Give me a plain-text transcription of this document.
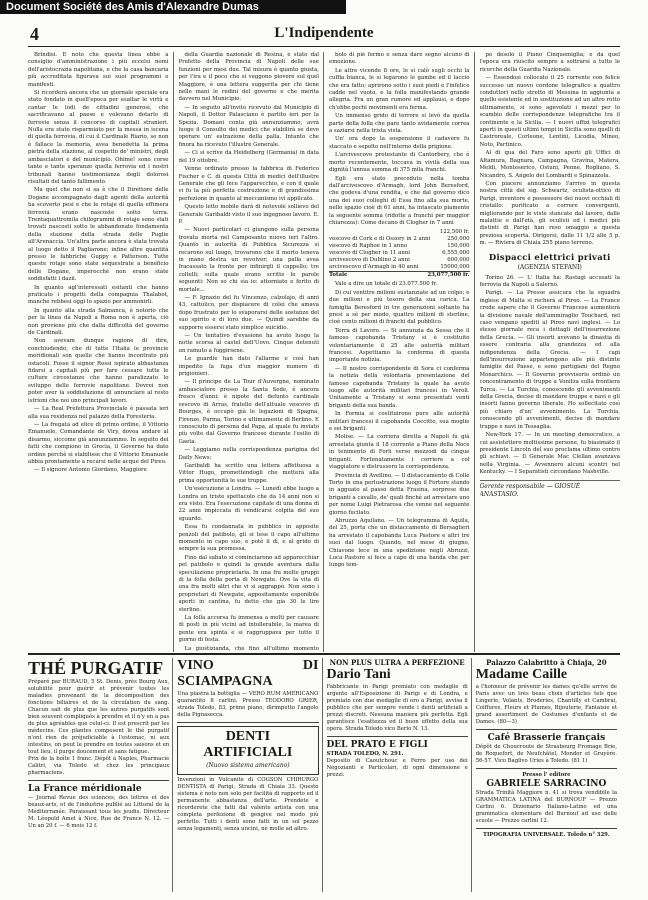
Document Société des Amis d'Alexandre Dumas
4	L'Indipendente

Brindisi. E noto che questa linea ebbe a consiglio d'amministrazione i più eccelsi nomi dell'aristocrazia napolitana, e che la casa bancaria più accreditata figurava sui suoi programmi e manifesti.

Si ricorderà ancora che un giornale speciale era stato fondato in quell'epoca per esaltar le virtù e cantar le lodi de cittadini generosi, che sacrificavano al paese e volevano dotarlo di ferrovie senza il concorso di capitali stranieri. Nulla era stato risparmiato per la messa in iscena di quella ferrovia, di cui il Cardinale Riario, se non è fallace la memoria, avea benedetta la prima pietra della stazione, al cospetto de' ministri, degli ambasciatori e del municipio. Ohimè! sono corse tante e tante speranze quella ferrovia ed i nostri tribunali hanno testimonianza degli dolorosi risultati del tanto fallimento.

Ma quel che non si sa è che il Direttore delle Dogane accompagnato dagli agenti della autorità ha scoverto pesi e che le rotaje di quella effimera ferrovia erano nascoste sotto terra. Trentaquattromila chilogrammi di rotaje sono stati trovati nascosti sotto le abbandonate fondamenta della stazione della strada delle Puglie all'Arenaccia. Un'altra parte ancora è stata trovata al luogo detto il Pagliarone; infine altre quantità presso le fabbriche Guppy e Patterson. Tutte queste rotaje sono state sequestrate a beneficio delle Dogane, imperocchè non erano state soddisfatti i dazii.

In quanto agl'interessati esitanti che hanno praticato i progetti della compagnia Thalabot, manche rebbesi oggi lo spazio per ammonirli.

In quanto alla strada Salmanca, è notorio che per la linea da Napoli a Roma non è aperta, ciò non proviene più che dalla difficoltà del governo de Cardinali.

Non avevam dunque ragione di dire, conchiudendo, che di tutte l'Italia le provincie meridionali son quelle che hanno incontrato più ostacoli. Fosse il signor Rossi ispirato abbastanza fidarsi a capitali più per fare cessare tutte le culture circostanze che hanno paralizzato lo sviluppo delle ferrovie napolitane. Dovrei non poter aver la soddisfazione di annunciare al resto istrioni che noi uno principali lavori.

— La Real Prefettura Provinciale è passata ieri alla sua residenza nel palazzo della Foresteria.

— La fregata ad elice di primo ordine, il Vittorio Emanuele, Comandante de Viry, dovea andare al disarmo, siccome già annunziammo. In seguito dei fatti che compiono in Grecia, il Governo ha dato ordine perchè si stabilisse che il Vittorio Emanuele abbia prontamente a recarsi nelle acque del Pireo.

— Il signore Antonio Giordano, Maggiore

della Guardia nazionale di Resina, è stato dal Prefetto della Provincia di Napoli delle sue funzioni per mesi due. Tal misura è quanto giusta, per l'ira e il poco che si veggono piovere sul quel Maggiore, è una lettera suggerita per chi tiene nelle mani le redini del governo e che merita davvero nel Municipio.

— In seguito all'invito ricevuto dal Municipio di Napoli, il Dottor Palasciano è partito ieri per la Spezia. Domani conta già annunziammo, avrà luogo il Consulto dei medici che stabilirà se deve operare un' estrazione della palla. Intanto che finora ha ricevuto l'illustre Generale.

— Ci si scrive da Heidelberg (Germania) in data del 19 ottobre.

Venne ordinato presso la fabbrica di Federico Fischer e C. di questa Città di medici dell'illustre Generale che gli fece l'apparecchio, e con il quale vi fu la più perfetta costruzione e di grandissima perfezione in quanto al meccanismo ivi applicato.

Questo letto mobile darà di notevole sollievo del Generale Garibaldi visto il suo ingegnoso lavoro. E. P.

— Nuovi particolari ci giungono sulla persona trovata morta nel Camposanto nuovo ieri l'altro. Quanto in autorità di Pubblica Sicurezza si recarono sul luogo, trovarono che il morto teneva in mano destra un revolver; una palla avea fracassato la fronte per infinirgli il cappello; tre coltelli; sulla quale erano scritte le parole seguenti: Non so chi sia io: attorniato e ferito di mortale...

— F. Ignazio del fu Vincenzo, calzolajo, di anni 43, cattolico, per dispiacere di colei che amava dopo frustrato per lo svaporarsi delle sostanze del suo spirito e di loro due. — Quindi sarebbe da supporre essersi stato simplice suicidio.

— Un tentativo d'evasione ha avuto luogo la notte scorsa al castel dell'Uovo. Cinque detenuti un ramuto a fuggirsene.

Le guardie han dato l'allarme e così han impedito la fuga d'un maggior numero di prigionieri.

— Il principe de La Tour d'Auvergne, nominato ambasciatore presso la Santa Sede, è ancora fresco d'anni; è nipote del defunto cardinale vescovo di Arras, fratello dell'attuale vescovo di Bourges, è occupò già le legazioni di Spagna, Firenze, Parma, Torino e ultimamente di Berlino. E conosciuto di persona dal Papa, al quale fu inviato più volte dal Governo francese durante l'esilio di Gaeta.

— Leggiamo nella corrispondenza parigina del Daily News:

Garibaldi ha scritto una lettera affettuosa a Vittor Hugo, promettendogli che metterà alla prima opportunità le sue truppe.

Un'esecuzione a Londra. — Lunedì ebbe luogo a Londra un triste spettacolo che da 14 anni non si era visto. Era l'esecuzione capitale di una donna di 22 anni impiccata di vendicarsi colpita del suo sguardo.

Essa fu condannata in pubblico in apposite penzoli del patibolo, gli si tese il capo all'ultimo momento in capo suo, e potè il dì, e al grido di sempre la sua promessa.

Fino dal sabato si cominciarono ad apparecchiar pel patibolo e quindi la grande aventura dalla speculazione proprietaria. In una fra molte gruppi di la folla della porta di Newgate. Ove la vita di una fra molti altri che vi si aggrappò. Non sono i proprietari di Newgate, appositamente esponibile aperti in cantina, fu detto che gia 30 le lire sterline.

La folla accorsa fu immensa a molti per causare di posti in più vicini ad intollerabile, la marea di gente era spinta e si raggruppava per tutto il giorno di festa.

La giustizianda, che fino all'ultimo momento

bolo di piè fermo e senza dare segno alcuno di emozione.

Le altre vicende 8 ore, le si calò sugli occhi la cuffia bianca, le si legarono le gambe ed il laccio che era fatto; aprirono sotto i suoi piedi e l'infelice cadde nel vuoto, e la folla manifestando grande allegria. Fra un gran rumore ed applausi, e dopo ch'ebbe pochi movimenti era ferma.

Un immenso grido di terrore si levò da quella parte della folla che pare tanto avidamente correa a saziarsi nella trista vista.

Un' ora dopo la sospensione il cadavere fu staccato e sepolto nell'interno della prigione.

L'arcivescovo protestante di Cantorbery, che è morto recentemente, toccava in vività della sua dignità l'annua somma di 375 mila franchi.

Egli era stato preceduto nella tomba dall'arcivescovo d'Armagh, lord John Beresford, che godeva d'una rendita, e che dal governo dico una dei suoi colleghi di Essa fino alla sua morte, nello spazio cioè di 61 anni, ha intascato piamente la seguente somma (ridotte a franchi per maggior chiarezza): Come decano di Clogher in 7 anni

122,500 fr.
vescovo di Cork e di Ossory in 2 anni	250,000
vescovo di Raphoe in 1 anno	150,000
vescovo di Clogher in 11 anni	6,555,000
arcivescovo di Dublino 2 anni	600,000
arcivescovo d'Armagh in 40 anni	15000,000
Totale	23,077,500 fr.

Vale a dire un totale di 23.077.500 fr.

Di cui ventitre milioni sustanziate ad un colpo; e due milioni e più tesoro della sua carica. La famiglia Beresford in tre generazioni soltanto ha presi a sè per modo, quattro milioni di sterline, cioè cento milioni di franchi dal pubblico.

Terra di Lavoro. — Si annunzia da Sessa che il famoso capobanda Tristany si è costituito volontariamente il 25 alle autorità militari francesi. Aspettiamo la conferma di questa importante notizia.

— Il nostro corrispondente di Sora ci conferma la notizia della volontaria presentazione del famoso capobanda Tristany la quale ha avuto luogo alle autorità militari francesi in Veroli. Unitamente a Tristany si sono presentati venti briganti della sua banda.

In Formia si costituirono pure alle autorità militari francesi il capobanda Coccitto, sua moglie e sei briganti.

Molise. — La corriera diretta a Napoli fu già arrestata giunta il 18 corrente a Piano della Noce in tenimento di Forli verso mezzodi da cinque briganti. Fortunatamente i corriere a col viaggiatore e distrussero la corrispondenza.

Provincia di Avellino. — Il distaccamento di Colle Torto in una perlustrazione luogo il Fortore stando in agguato al passo detta Frasina, sorprese due briganti a cavallo, de' quali finché ad arrestare uno per nome Luigi Pietrarosa che venne nel seguente giorno fucilato.

Abruzzo Aquilano. — Un telegramma di Aquila, del 25, porta che un distaccamento di Bersaglieri ha arrestato il capobanda Luca Pastore e altri tre suoi dal luogo. Quando, nel mese di giugno, Chiavone lece in una spedizione negli Abruzzi, Luca Pastore si fece a capo di una banda che per lungo tem-

po desolò il Piano Cinquemiglia; e da quel l'epoca era riuscito sempre a sottrarsi a tutte le ricerche della Guardia Nazionale.

— Essendosi collocato il 25 corrente con felice successo un nuovo cordone telegrafico a quattro conduttori nello stretto di Messina in aggiunta a quello esistente ed in sostituzione ad un altro rotto ultimamente, si sono agevolati i mezzi per lo scambio delle corrispondenze telegrafiche tra il continente e la Sicilia. — I nuovi uffizi telegrafici aperti in questi ultimi tempi in Sicilia sono quelli di Castroreale, Corleone, Lentini, Licodia, Mineo, Noto, Partinico.

Al di qua del Faro sono aperti gli Uffici di Altamura, Bagnara, Campagna, Gravina, Matera, Meldi, Monteserico, Ostuni, Penne, Rogliano, S. Nicandro, S. Angelo dei Lombardi e Spinazzola.

Con piacere annunziamo l'arrivo in questa nostra città del sig. Schwartz, oculista-ottico di Parigi, inventore e possessore dei nuovi occhiali di cristallo: purificato a correre convergenti, migliorando per le viste stancate dal lavoro, dalle malattie e dall'età, gli oculisti ed i medici più distinti di Parigi han reso omaggio a questa preziosa scoperta. Dirigersi, dalle 11 1/2 alle 5 p. m. — Riviera di Chiaia 255 piano terreno.

Dispacci elettrici privati
(AGENZIA STEFANI)

Torino 26. — L' Italia ha: Rastagi accusati la ferrovia da Napoli a Salerno.

Parigi. — La Presse assicura che la squadra inglese di Malta si recherà al Pireo. — La France crede sapere che il Governo Francese aumenterà la divisione navale dell'ammiraglio Touchard, nel caso vengano spediti al Pireo navi inglesi. — Lo stesso giornale reca i dettagli dell'insurrezione della Grecia. — Gli insorti avevano la dinastia di essere contraria alla grandezza ed alla indipendenza della Grecia. — I capi dell'insurrezione appartengono alle più distinte famiglie del Paese, e sono partigiani del Regno Monarchico. — Il Governo provvisorio ordinò un concentramento di truppe a Vonitza sulla frontiera Turca. — La Turchia, conoscendo gli avvenimenti della Grecia, decise di mandare truppe e navi e gli insorti fanno governo liberale. Ho sollecitato così più chiaro d'un' avvenimento. La Turchia, conoscendo gli avvenimenti, decise di mandare truppe e navi in Tessaglia.

New-York 17. — In un meeting democratico, a cui assistettero moltissime persone, fu biasimato il presidente Lincoln del suo proclama ultimo contro gli schiavi. — Il Generale Mac Clellan avanzava nella Virginia. — Avvennero alcuni scontri nel Kentucky. — I Separatisti circondano Nashville.

Gerente responsabile — GIOSUÈ ANASTASIO.
THÉ PURGATIF
Préparé par BURAUD, 5 St. Denis, près Bourg Aux, solubilité pour guérir et prévenir toutes les maladies provenant de la décomposition des fonctions biliaires et de la circulation du sang. Chacun sait de plus que les autres purgatifs sont bien souvent compliqués à prendre et il n'y en a pas de plus agréables que celui-ci. Il est prescrit par les médecins. Ces plantes composent le thé purgatif n'ont rien de préjudiciable à l'estomac, ni aux intestins, on peut le prendre en toutes saisons et en tout lieu, il purge doucement et sans fatigue.
Prix de la boîte 1 franc. Dépôt à Naples, Pharmacie Calitri, via Toledo et chez les principaux pharmaciens.
La France méridionale
— Journal Revue des sciences, des lettres et des beaux-arts, et de l'industrie publié au Littoral de la Méditerranée. Paraissant tous les jeudis. Directeur M. Léopold Amet à Nice, Rue de France N. 12. — Un an 20 f. — 6 mois 12 f.
VINO DI SCIAMPAGNA
Una piastra la bottiglia — VERO RUM AMERICANO guarantito 8 carlini. Presso TEODORO GRIER, strada Toledo, 83, primo piano, dirimpetto l'angolo della Pignasecca.
DENTI ARTIFICIALI
(Nuovo sistema americano)
Invenzioni in Vulcanite di COGSON CHIRURGO DENTISTA di Parigi, Strada di Chiaia 33. Questo sistema è noto non solo per facilità di rapporto ed il permanente abbastanza dell'arte. Prendete e ricorderete che fatti dal valente artista con una completa perfezione di gengive nel modo più perfetto. Tutti i denti sono fatti in un sol pezzo senza legamenti, senza uncini, nè molle ad altro.
NON PLUS ULTRA A PERFEZIONE
Dario Tani
Fabbricante in Parigi premiato con medaglie di argento all'Esposizione di Parigi e di Londra, e premiato con due medaglie di oro a Parigi, avvisa il pubblico che per sempre vende i denti artificiali a prezzi discreti. Nessuna maniera più perfetta. Egli garantisce l'esattezza ed il buon effetto della sua opera. Strada Toledo vico Berio N. 13.
DEL PRATO E FIGLI
STRADA TOLEDO, N. 291.
Deposito di Caoutchouc e Ferro per uso dei Negozianti e Particolari, di ogni dimensione e prezzi.
Palazzo Calabritto à Chiaja, 20
Madame Caille
a l'honneur de prévenir les dames qu'elle arrive de Paris avec un très beau choix d'articles tels que Lingerie, Volants, Broderies, Chantilly et Cambrai, Coiffures, Fleurs et Plumes, Bijouterie, Fantaisie et grand assortiment de Costumes d'enfants et de Dames. (80—3)
Café Brasserie français
Dépôt de Choucroute de Strasbourg Fromage Brie, de Roquefort, de Neufchâtel, Mondor et Gruyère. 56-57. Vico Baglivo Uries à Toledo. (81 1)
Presso l' editore
GABRIELE SARRACINO
Strada Trinità Maggiore n. 41 si trova vendibile la GRAMMATICA LATINA del BURNOUF — Prezzo Carlini 6. Dizionario Italiano-Latino ed una grammatica elementare del Burnouf ad uso delle scuole — Prezzo carlini 12.
TIPOGRAFIA UNIVERSALE. Toledo n° 329.
